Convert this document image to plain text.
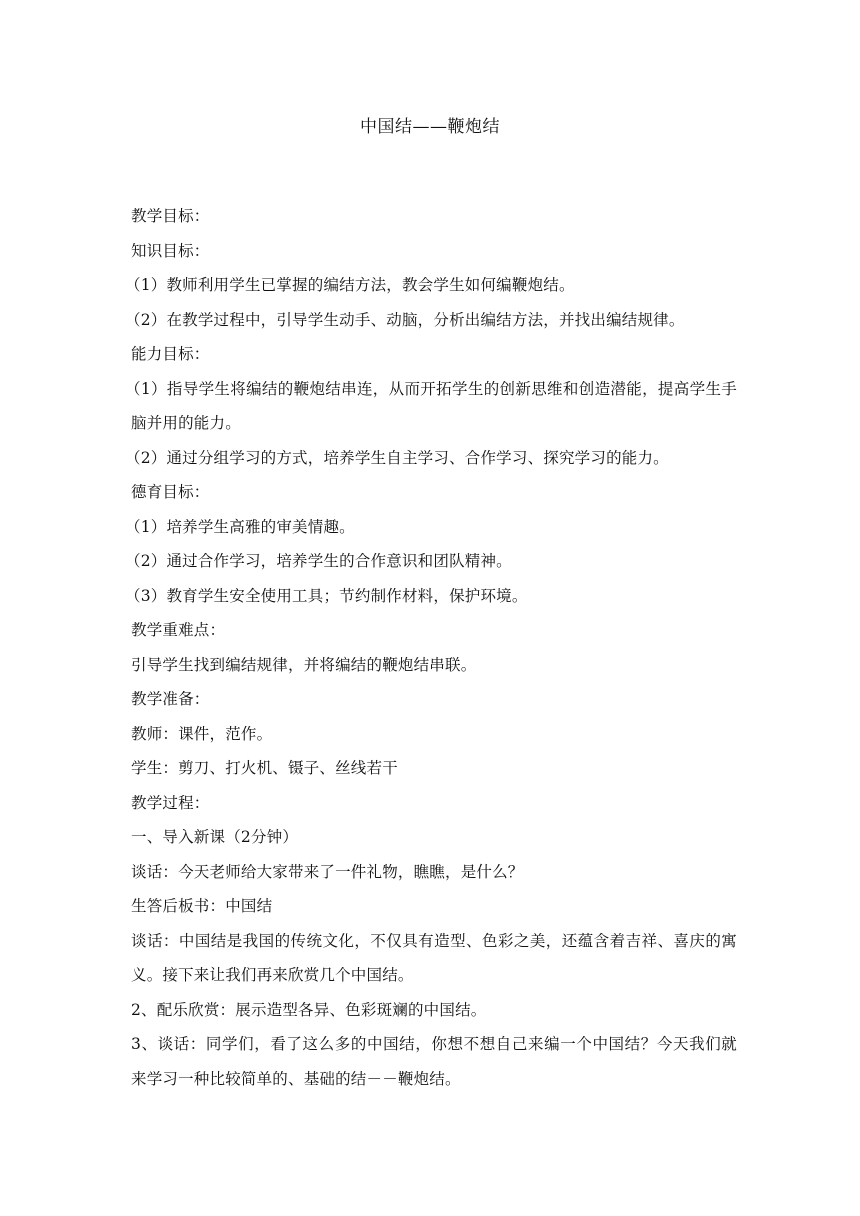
中国结——鞭炮结
教学目标：
知识目标：
（1）教师利用学生已掌握的编结方法，教会学生如何编鞭炮结。
（2）在教学过程中，引导学生动手、动脑，分析出编结方法，并找出编结规律。
能力目标：
（1）指导学生将编结的鞭炮结串连，从而开拓学生的创新思维和创造潜能，提高学生手脑并用的能力。
（2）通过分组学习的方式，培养学生自主学习、合作学习、探究学习的能力。
德育目标：
（1）培养学生高雅的审美情趣。
（2）通过合作学习，培养学生的合作意识和团队精神。
（3）教育学生安全使用工具；节约制作材料，保护环境。
教学重难点：
引导学生找到编结规律，并将编结的鞭炮结串联。
教学准备：
教师：课件，范作。
学生：剪刀、打火机、镊子、丝线若干
教学过程：
一、导入新课（2分钟）
谈话：今天老师给大家带来了一件礼物，瞧瞧，是什么？
生答后板书：中国结
谈话：中国结是我国的传统文化，不仅具有造型、色彩之美，还蕴含着吉祥、喜庆的寓义。接下来让我们再来欣赏几个中国结。
2、配乐欣赏：展示造型各异、色彩斑斓的中国结。
3、谈话：同学们，看了这么多的中国结，你想不想自己来编一个中国结？今天我们就来学习一种比较简单的、基础的结－－鞭炮结。
